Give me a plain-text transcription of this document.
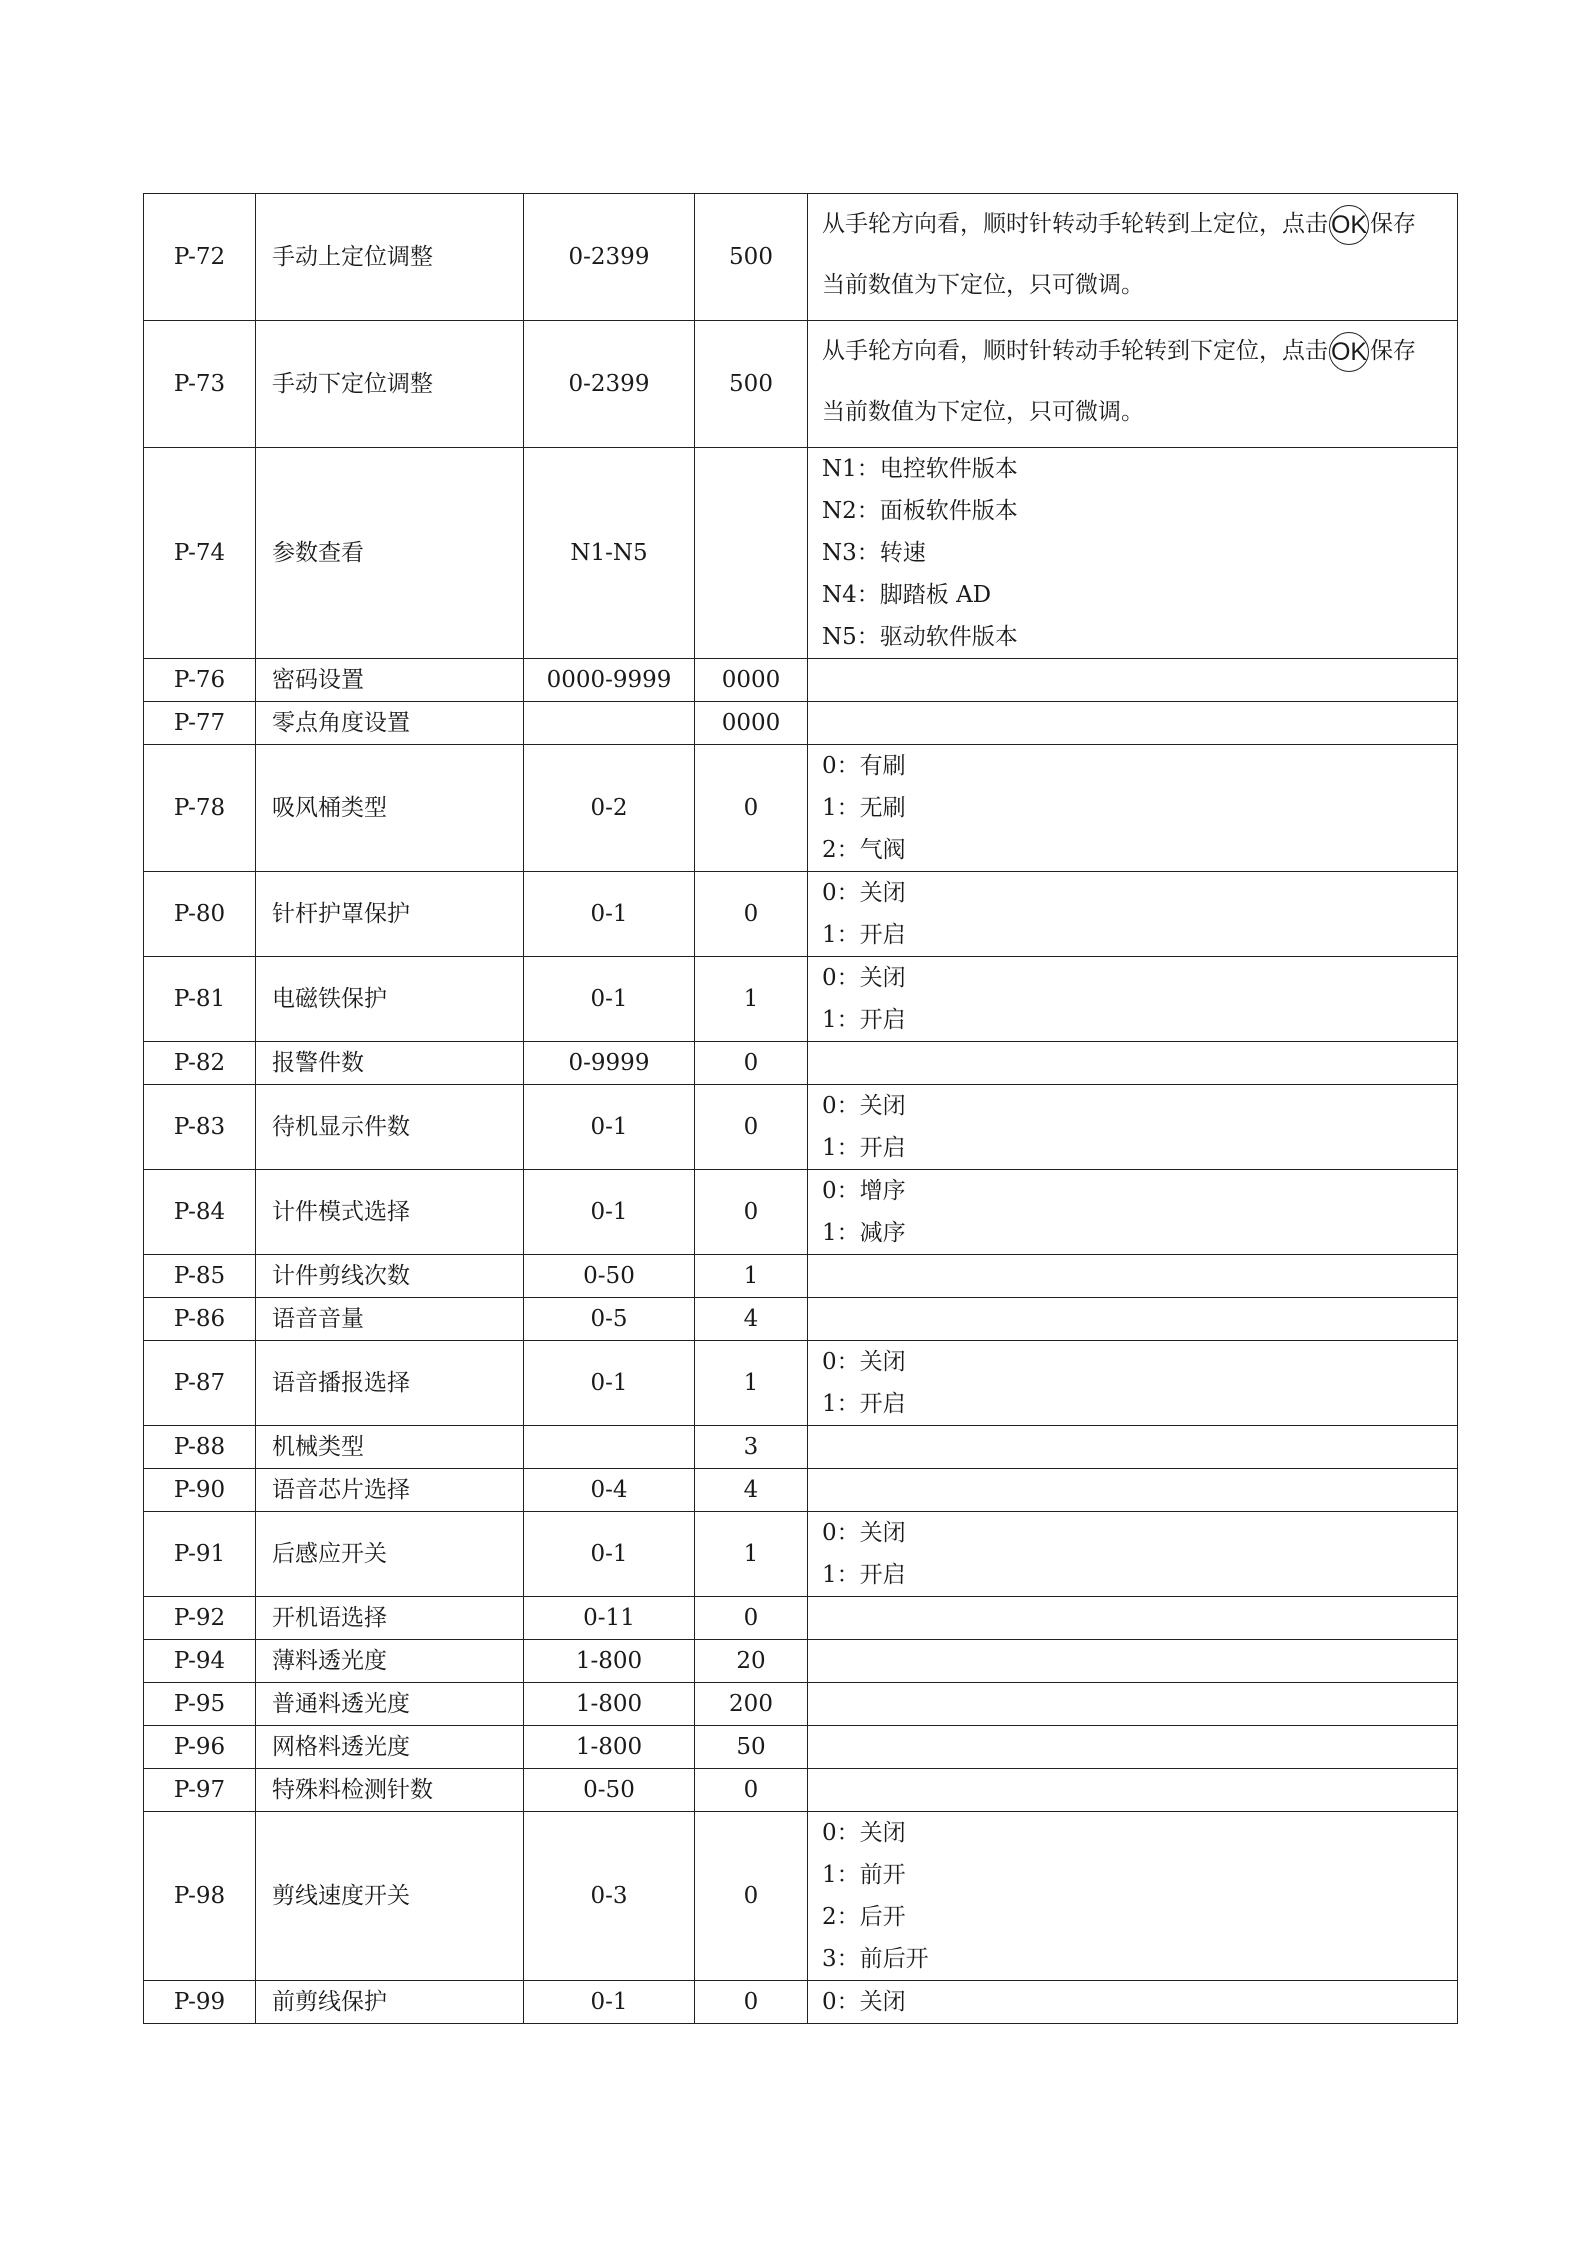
P-72	手动上定位调整	0-2399	500	从手轮方向看，顺时针转动手轮转到上定位，点击 OK 保存
当前数值为下定位，只可微调。

P-73	手动下定位调整	0-2399	500	从手轮方向看，顺时针转动手轮转到下定位，点击 OK 保存
当前数值为下定位，只可微调。

P-74	参数查看	N1-N5		N1：电控软件版本
N2：面板软件版本
N3：转速
N4：脚踏板 AD
N5：驱动软件版本

P-76	密码设置	0000-9999	0000	
P-77	零点角度设置		0000	
P-78	吸风桶类型	0-2	0	0：有刷
1：无刷
2：气阀

P-80	针杆护罩保护	0-1	0	0：关闭
1：开启

P-81	电磁铁保护	0-1	1	0：关闭
1：开启

P-82	报警件数	0-9999	0	
P-83	待机显示件数	0-1	0	0：关闭
1：开启

P-84	计件模式选择	0-1	0	0：增序
1：减序

P-85	计件剪线次数	0-50	1	
P-86	语音音量	0-5	4	
P-87	语音播报选择	0-1	1	0：关闭
1：开启

P-88	机械类型		3	
P-90	语音芯片选择	0-4	4	
P-91	后感应开关	0-1	1	0：关闭
1：开启

P-92	开机语选择	0-11	0	
P-94	薄料透光度	1-800	20	
P-95	普通料透光度	1-800	200	
P-96	网格料透光度	1-800	50	
P-97	特殊料检测针数	0-50	0	
P-98	剪线速度开关	0-3	0	0：关闭
1：前开
2：后开
3：前后开

P-99	前剪线保护	0-1	0	0：关闭
